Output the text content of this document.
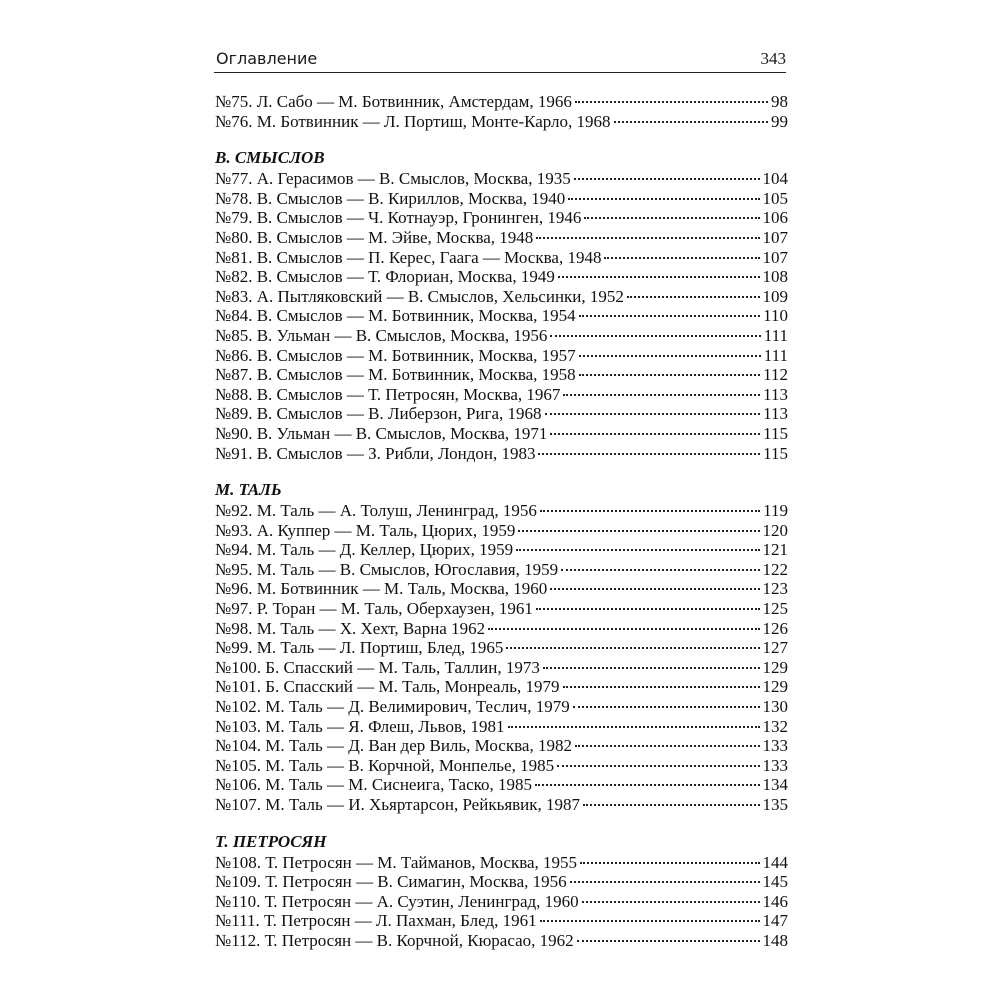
Оглавление	343
№75. Л. Сабо — М. Ботвинник, Амстердам, 1966	98
№76. М. Ботвинник — Л. Портиш, Монте-Карло, 1968	99
В. СМЫСЛОВ
№77. А. Герасимов — В. Смыслов, Москва, 1935	104
№78. В. Смыслов — В. Кириллов, Москва, 1940	105
№79. В. Смыслов — Ч. Котнауэр, Гронинген, 1946	106
№80. В. Смыслов — М. Эйве, Москва, 1948	107
№81. В. Смыслов — П. Керес, Гаага — Москва, 1948	107
№82. В. Смыслов — Т. Флориан, Москва, 1949	108
№83. А. Пытляковский — В. Смыслов, Хельсинки, 1952	109
№84. В. Смыслов — М. Ботвинник, Москва, 1954	110
№85. В. Ульман — В. Смыслов, Москва, 1956	111
№86. В. Смыслов — М. Ботвинник, Москва, 1957	111
№87. В. Смыслов — М. Ботвинник, Москва, 1958	112
№88. В. Смыслов — Т. Петросян, Москва, 1967	113
№89. В. Смыслов — В. Либерзон, Рига, 1968	113
№90. В. Ульман — В. Смыслов, Москва, 1971	115
№91. В. Смыслов — З. Рибли, Лондон, 1983	115
М. ТАЛЬ
№92. М. Таль — А. Толуш, Ленинград, 1956	119
№93. А. Куппер — М. Таль, Цюрих, 1959	120
№94. М. Таль — Д. Келлер, Цюрих, 1959	121
№95. М. Таль — В. Смыслов, Югославия, 1959	122
№96. М. Ботвинник — М. Таль, Москва, 1960	123
№97. Р. Торан — М. Таль, Оберхаузен, 1961	125
№98. М. Таль — Х. Хехт, Варна 1962	126
№99. М. Таль — Л. Портиш, Блед, 1965	127
№100. Б. Спасский — М. Таль, Таллин, 1973	129
№101. Б. Спасский — М. Таль, Монреаль, 1979	129
№102. М. Таль — Д. Велимирович, Теслич, 1979	130
№103. М. Таль — Я. Флеш, Львов, 1981	132
№104. М. Таль — Д. Ван дер Виль, Москва, 1982	133
№105. М. Таль — В. Корчной, Монпелье, 1985	133
№106. М. Таль — М. Сиснеига, Таско, 1985	134
№107. М. Таль — И. Хьяртарсон, Рейкьявик, 1987	135
Т. ПЕТРОСЯН
№108. Т. Петросян — М. Тайманов, Москва, 1955	144
№109. Т. Петросян — В. Симагин, Москва, 1956	145
№110. Т. Петросян — А. Суэтин, Ленинград, 1960	146
№111. Т. Петросян — Л. Пахман, Блед, 1961	147
№112. Т. Петросян — В. Корчной, Кюрасао, 1962	148
